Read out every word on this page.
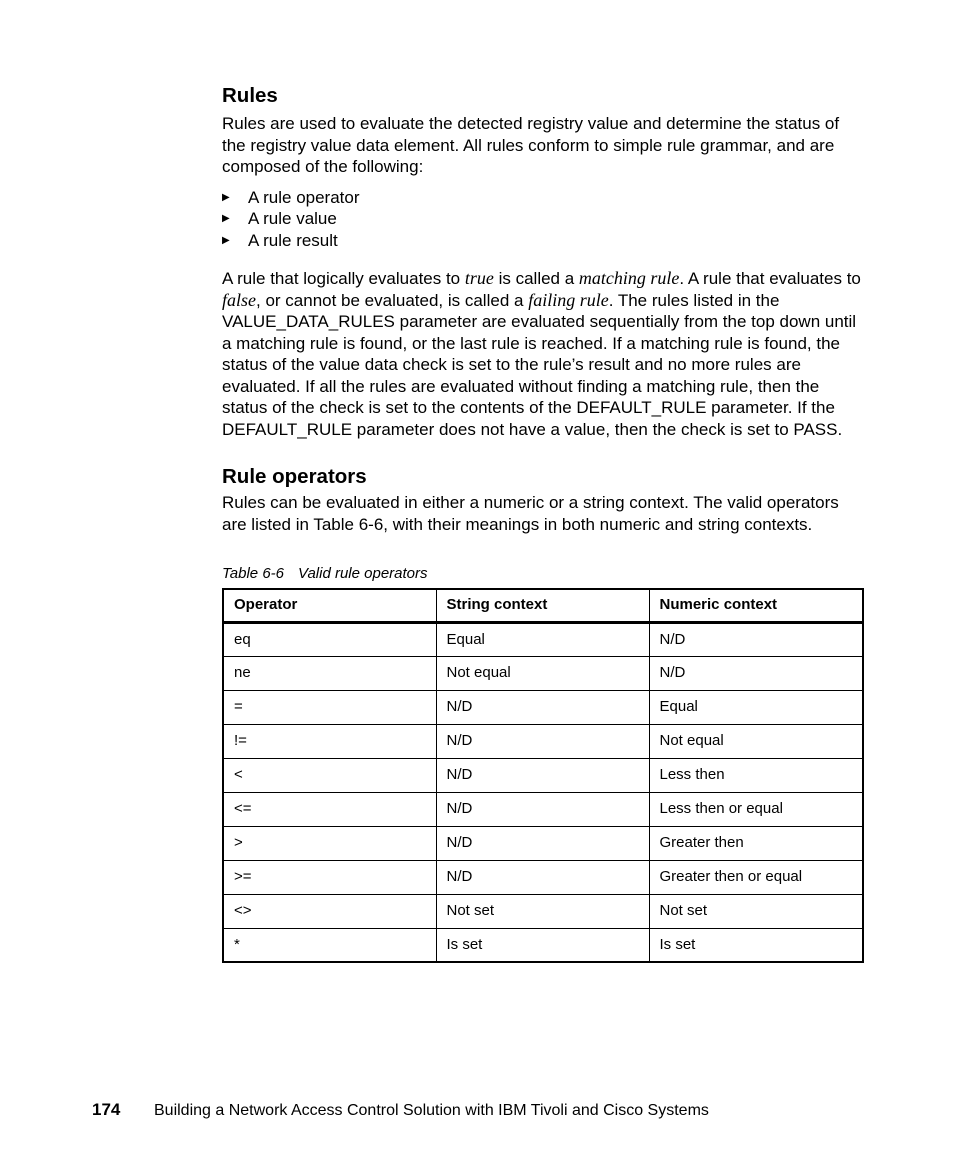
Rules

Rules are used to evaluate the detected registry value and determine the status of the registry value data element. All rules conform to simple rule grammar, and are composed of the following:

▶	A rule operator
▶	A rule value
▶	A rule result

A rule that logically evaluates to true is called a matching rule. A rule that evaluates to false, or cannot be evaluated, is called a failing rule. The rules listed in the VALUE_DATA_RULES parameter are evaluated sequentially from the top down until a matching rule is found, or the last rule is reached. If a matching rule is found, the status of the value data check is set to the rule’s result and no more rules are evaluated. If all the rules are evaluated without finding a matching rule, then the status of the check is set to the contents of the DEFAULT_RULE parameter. If the DEFAULT_RULE parameter does not have a value, then the check is set to PASS.

Rule operators

Rules can be evaluated in either a numeric or a string context. The valid operators are listed in Table 6-6, with their meanings in both numeric and string contexts.

Table 6-6 Valid rule operators
Operator	String context	Numeric context
eq	Equal	N/D
ne	Not equal	N/D
=	N/D	Equal
!=	N/D	Not equal
<	N/D	Less then
<=	N/D	Less then or equal
>	N/D	Greater then
>=	N/D	Greater then or equal
<>	Not set	Not set
*	Is set	Is set
174	Building a Network Access Control Solution with IBM Tivoli and Cisco Systems
